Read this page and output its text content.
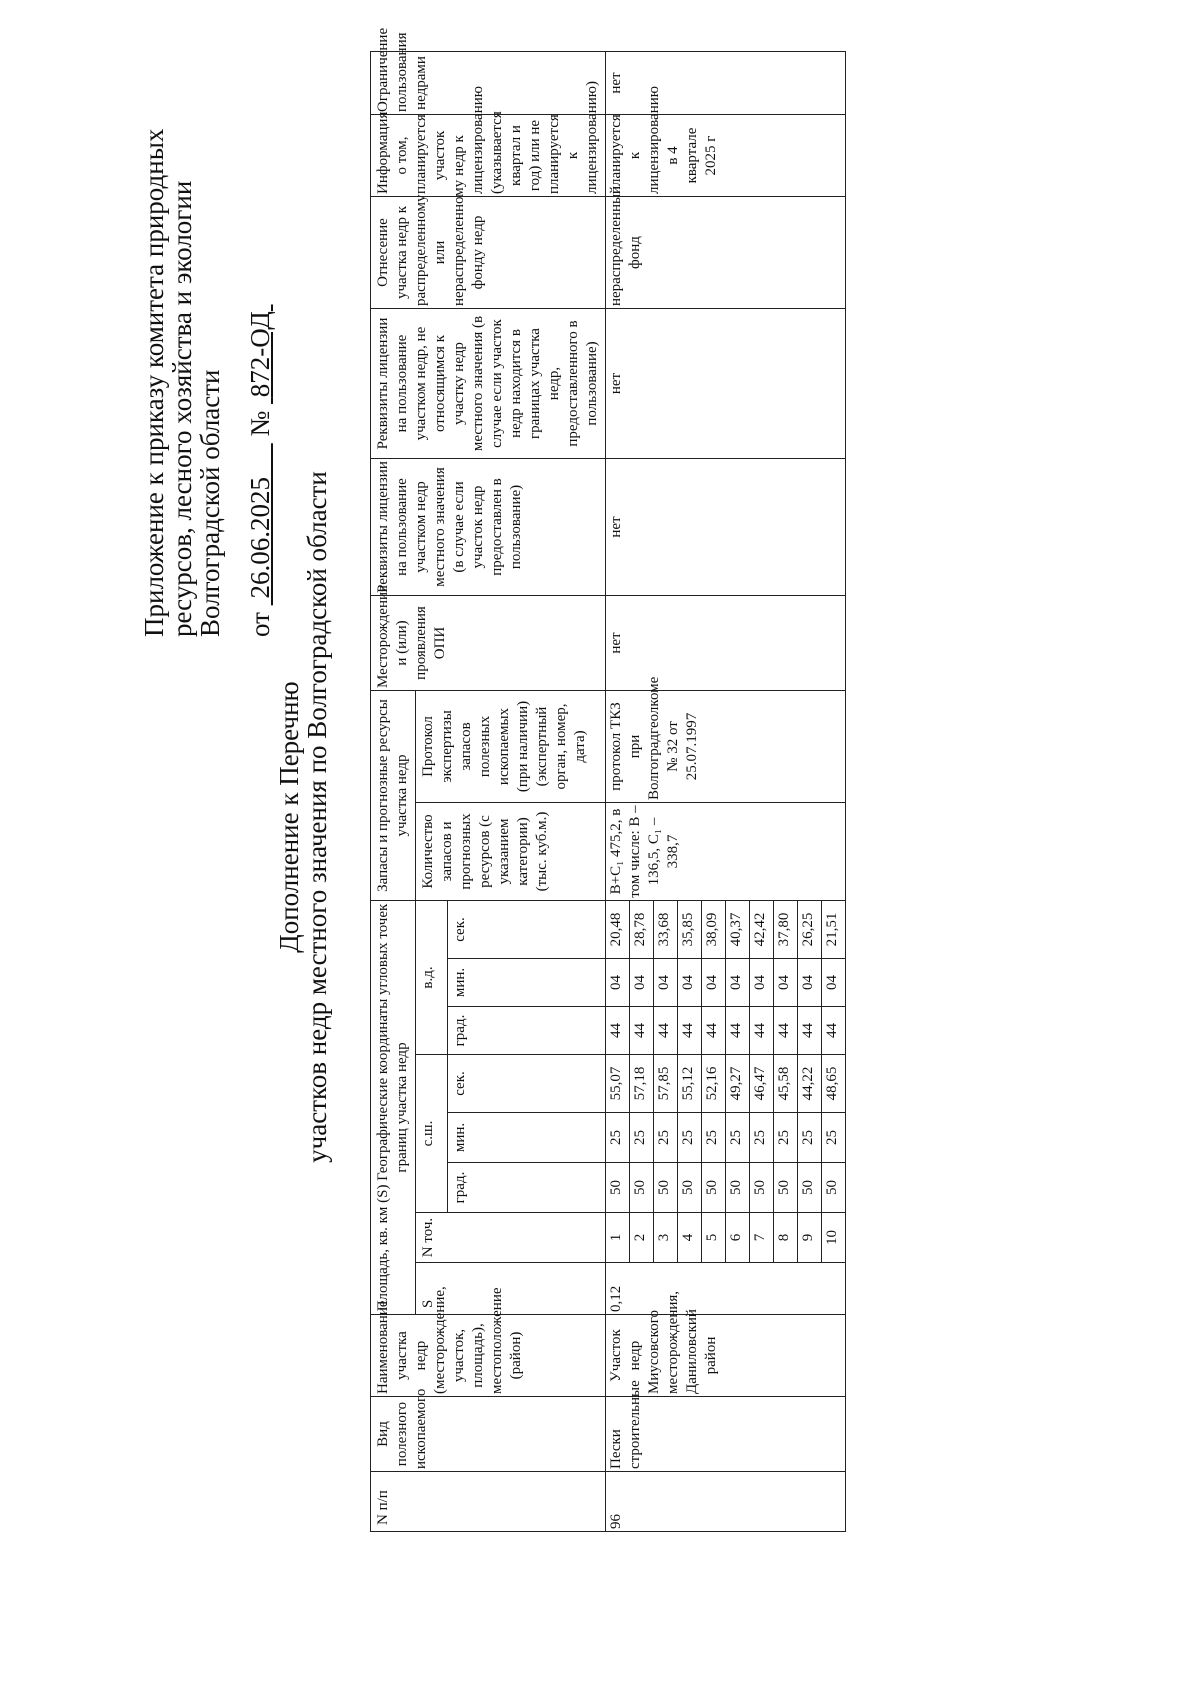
Приложение к приказу комитета природных
ресурсов, лесного хозяйства и экологии
Волгоградской области от  26.06.2025      №  872-ОД
Дополнение к Перечню
участков недр местного значения по Волгоградской области
N п/п	Вид полезного ископаемого	Наименование участка недр (месторождение, участок, площадь), местоположение (район)	Площадь, кв. км (S) Географические координаты угловых точек границ участка недр								Запасы и прогнозные ресурсы участка недр		Месторождения и (или) проявления ОПИ	Реквизиты лицензии на пользование участком недр местного значения (в случае если участок недр предоставлен в пользование)	Реквизиты лицензии на пользование участком недр, не относящимся к участку недр местного значения (в случае если участок недр находится в границах участка недр, предоставленного в пользование)	Отнесение участка недр к распределенному или нераспределенному фонду недр	Информация о том, планируется участок недр к лицензированию (указывается квартал и год) или не планируется к лицензированию)	Ограничение пользования недрами
			S	N точ.	с.ш.			в.д.			Количество запасов и прогнозных ресурсов (с указанием категории) (тыс. куб.м.)	Протокол экспертизы запасов полезных ископаемых (при наличии) (экспертный орган, номер, дата)						
					град.	мин.	сек.	град.	мин.	сек.								

96	Пески строительные	Участок недр Миусовского месторождения, Даниловский район	0,12	1	50	25	55,07	44	04	20,48	B+C₁ 475,2, в том числе: B – 136,5, C₁ – 338,7	протокол ТКЗ при Волгоградгеолкоме № 32 от 25.07.1997	нет	нет	нет	нераспределенный фонд	планируется к лицензированию в 4 квартале 2025 г	нет
				2	50	25	57,18	44	04	28,78								
				3	50	25	57,85	44	04	33,68								
				4	50	25	55,12	44	04	35,85								
				5	50	25	52,16	44	04	38,09								
				6	50	25	49,27	44	04	40,37								
				7	50	25	46,47	44	04	42,42								
				8	50	25	45,58	44	04	37,80								
				9	50	25	44,22	44	04	26,25								
				10	50	25	48,65	44	04	21,51								
